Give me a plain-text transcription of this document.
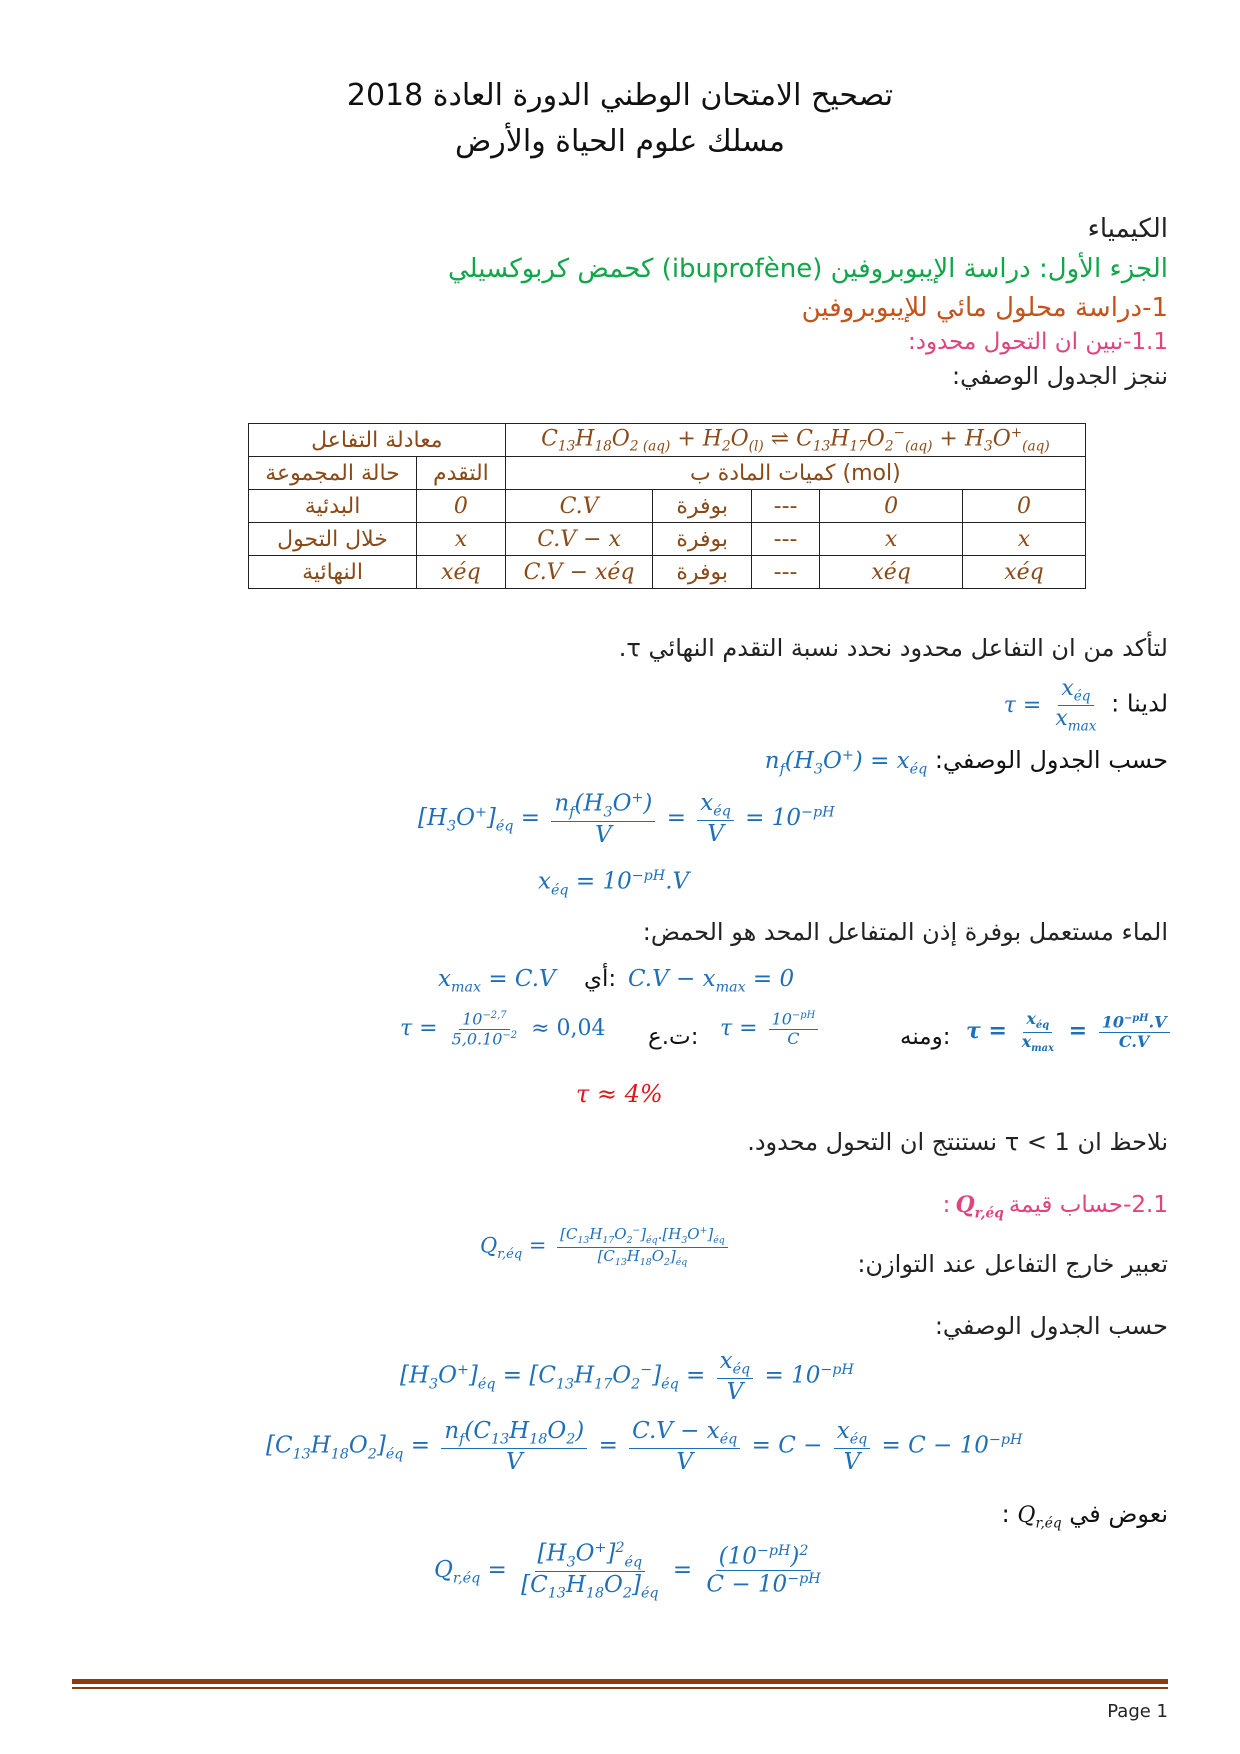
تصحيح الامتحان الوطني الدورة العادة 2018
مسلك علوم الحياة والأرض
الكيمياء
الجزء الأول: دراسة الإيبوبروفين (ibuprofène) كحمض كربوكسيلي
1-دراسة محلول مائي للإيبوبروفين
1.1-نبين ان التحول محدود:
ننجز الجدول الوصفي:
معادلة التفاعل		$C_{13}H_{18}O_{2 (aq)} + H_2O_{(l)}$ ⇌ $C_{13}H_{17}O_2^-_{(aq)} + H_3O^+_{(aq)}$
حالة المجموعة	التقدم	كميات المادة ب (mol)				
البدئية	0	C.V	بوفرة	---	0	0
خلال التحول	x	C.V − x	بوفرة	---	x	x
النهائية	xéq	C.V − xéq	بوفرة	---	xéq	xéq
لتأكد من ان التفاعل محدود نحدد نسبة التقدم النهائي τ.
لدينا : $\tau = \frac{x_{éq}}{x_{max}}$
حسب الجدول الوصفي: $n_f(H_3O^+) = x_{éq}$
$[H_3O^+]_{éq} = \frac{n_f(H_3O^+)}{V} = \frac{x_{éq}}{V} = 10^{-pH}$
$x_{éq} = 10^{-pH}.V$
الماء مستعمل بوفرة إذن المتفاعل المحد هو الحمض:
$x_{max} = C.V$ أي: $C.V - x_{max} = 0$
$\tau = \frac{10^{-2,7}}{5,0.10^{-2}} \approx 0,04$ ت.ع: $\tau = \frac{10^{-pH}}{C}$	ومنه: $\tau = \frac{x_{éq}}{x_{max}} = \frac{10^{-pH}.V}{C.V}$
τ ≈ 4%
نلاحظ ان τ < 1 نستنتج ان التحول محدود.
2.1-حساب قيمة $Q_{r,éq}$ :
$Q_{r,éq} = \frac{[C_{13}H_{17}O_2^-]_{éq}.[H_3O^+]_{éq}}{[C_{13}H_{18}O_2]_{éq}}$	تعبير خارج التفاعل عند التوازن:
حسب الجدول الوصفي:
$[H_3O^+]_{éq} = [C_{13}H_{17}O_2^-]_{éq} = \frac{x_{éq}}{V} = 10^{-pH}$
$[C_{13}H_{18}O_2]_{éq} = \frac{n_f(C_{13}H_{18}O_2)}{V} = \frac{C.V - x_{éq}}{V} = C - \frac{x_{éq}}{V} = C - 10^{-pH}$
نعوض في $Q_{r,éq}$ :
$Q_{r,éq} = \frac{[H_3O^+]^2_{éq}}{[C_{13}H_{18}O_2]_{éq}} = \frac{(10^{-pH})^2}{C - 10^{-pH}}$
Page 1
